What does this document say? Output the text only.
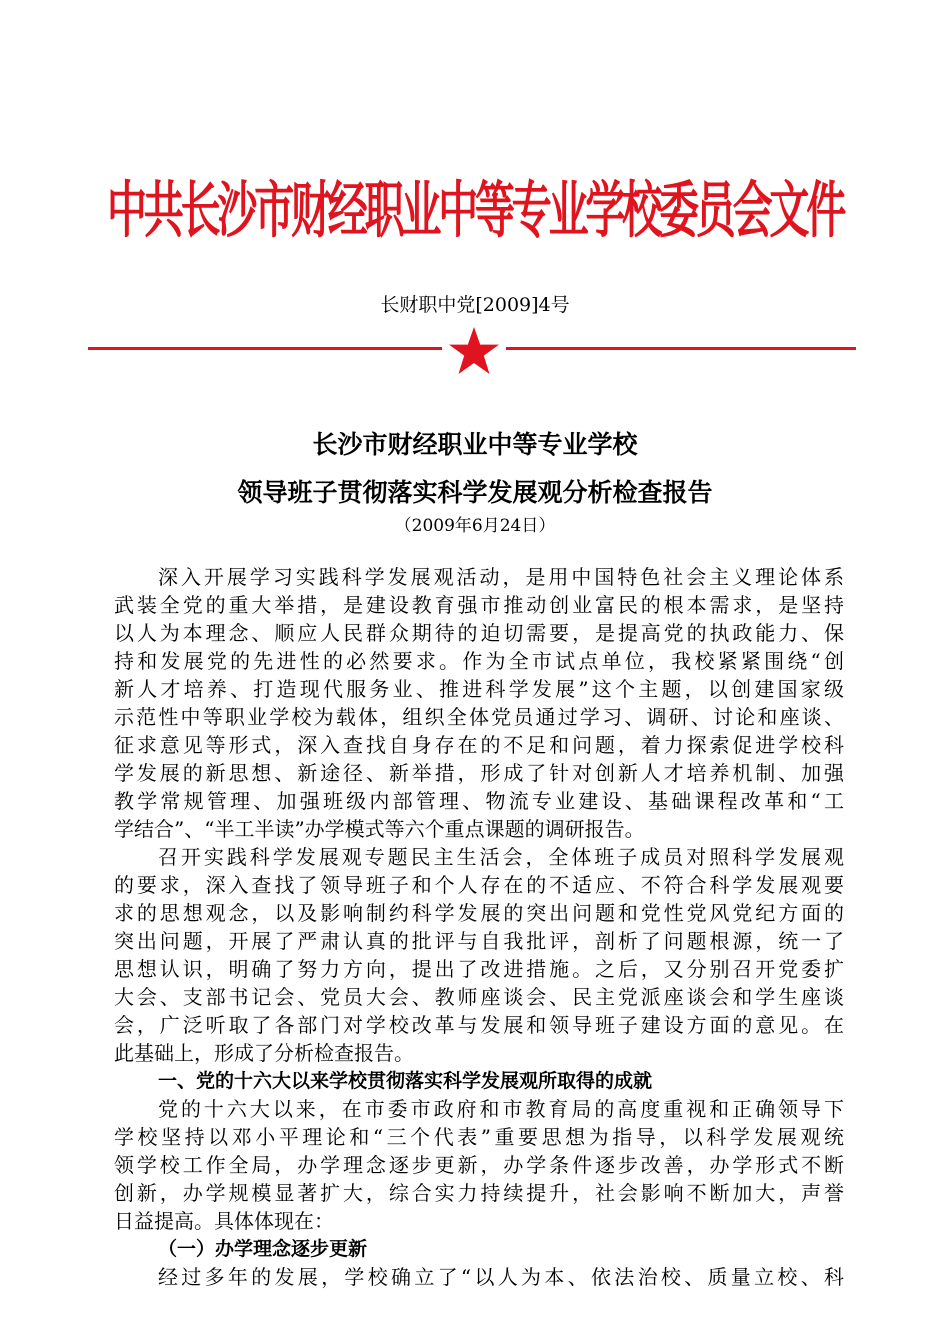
中共长沙市财经职业中等专业学校委员会文件
长财职中党[2009]4号
长沙市财经职业中等专业学校
领导班子贯彻落实科学发展观分析检查报告
（2009年6月24日）
深入开展学习实践科学发展观活动，是用中国特色社会主义理论体系
武装全党的重大举措，是建设教育强市推动创业富民的根本需求，是坚持
以人为本理念、顺应人民群众期待的迫切需要，是提高党的执政能力、保
持和发展党的先进性的必然要求。作为全市试点单位，我校紧紧围绕“创
新人才培养、打造现代服务业、推进科学发展”这个主题，以创建国家级
示范性中等职业学校为载体，组织全体党员通过学习、调研、讨论和座谈、
征求意见等形式，深入查找自身存在的不足和问题，着力探索促进学校科
学发展的新思想、新途径、新举措，形成了针对创新人才培养机制、加强
教学常规管理、加强班级内部管理、物流专业建设、基础课程改革和“工
学结合”、“半工半读”办学模式等六个重点课题的调研报告。
召开实践科学发展观专题民主生活会，全体班子成员对照科学发展观
的要求，深入查找了领导班子和个人存在的不适应、不符合科学发展观要
求的思想观念，以及影响制约科学发展的突出问题和党性党风党纪方面的
突出问题，开展了严肃认真的批评与自我批评，剖析了问题根源，统一了
思想认识，明确了努力方向，提出了改进措施。之后，又分别召开党委扩
大会、支部书记会、党员大会、教师座谈会、民主党派座谈会和学生座谈
会，广泛听取了各部门对学校改革与发展和领导班子建设方面的意见。在
此基础上，形成了分析检查报告。
一、党的十六大以来学校贯彻落实科学发展观所取得的成就
党的十六大以来，在市委市政府和市教育局的高度重视和正确领导下
学校坚持以邓小平理论和“三个代表”重要思想为指导，以科学发展观统
领学校工作全局，办学理念逐步更新，办学条件逐步改善，办学形式不断
创新，办学规模显著扩大，综合实力持续提升，社会影响不断加大，声誉
日益提高。具体体现在：
（一）办学理念逐步更新
经过多年的发展，学校确立了“以人为本、依法治校、质量立校、科
